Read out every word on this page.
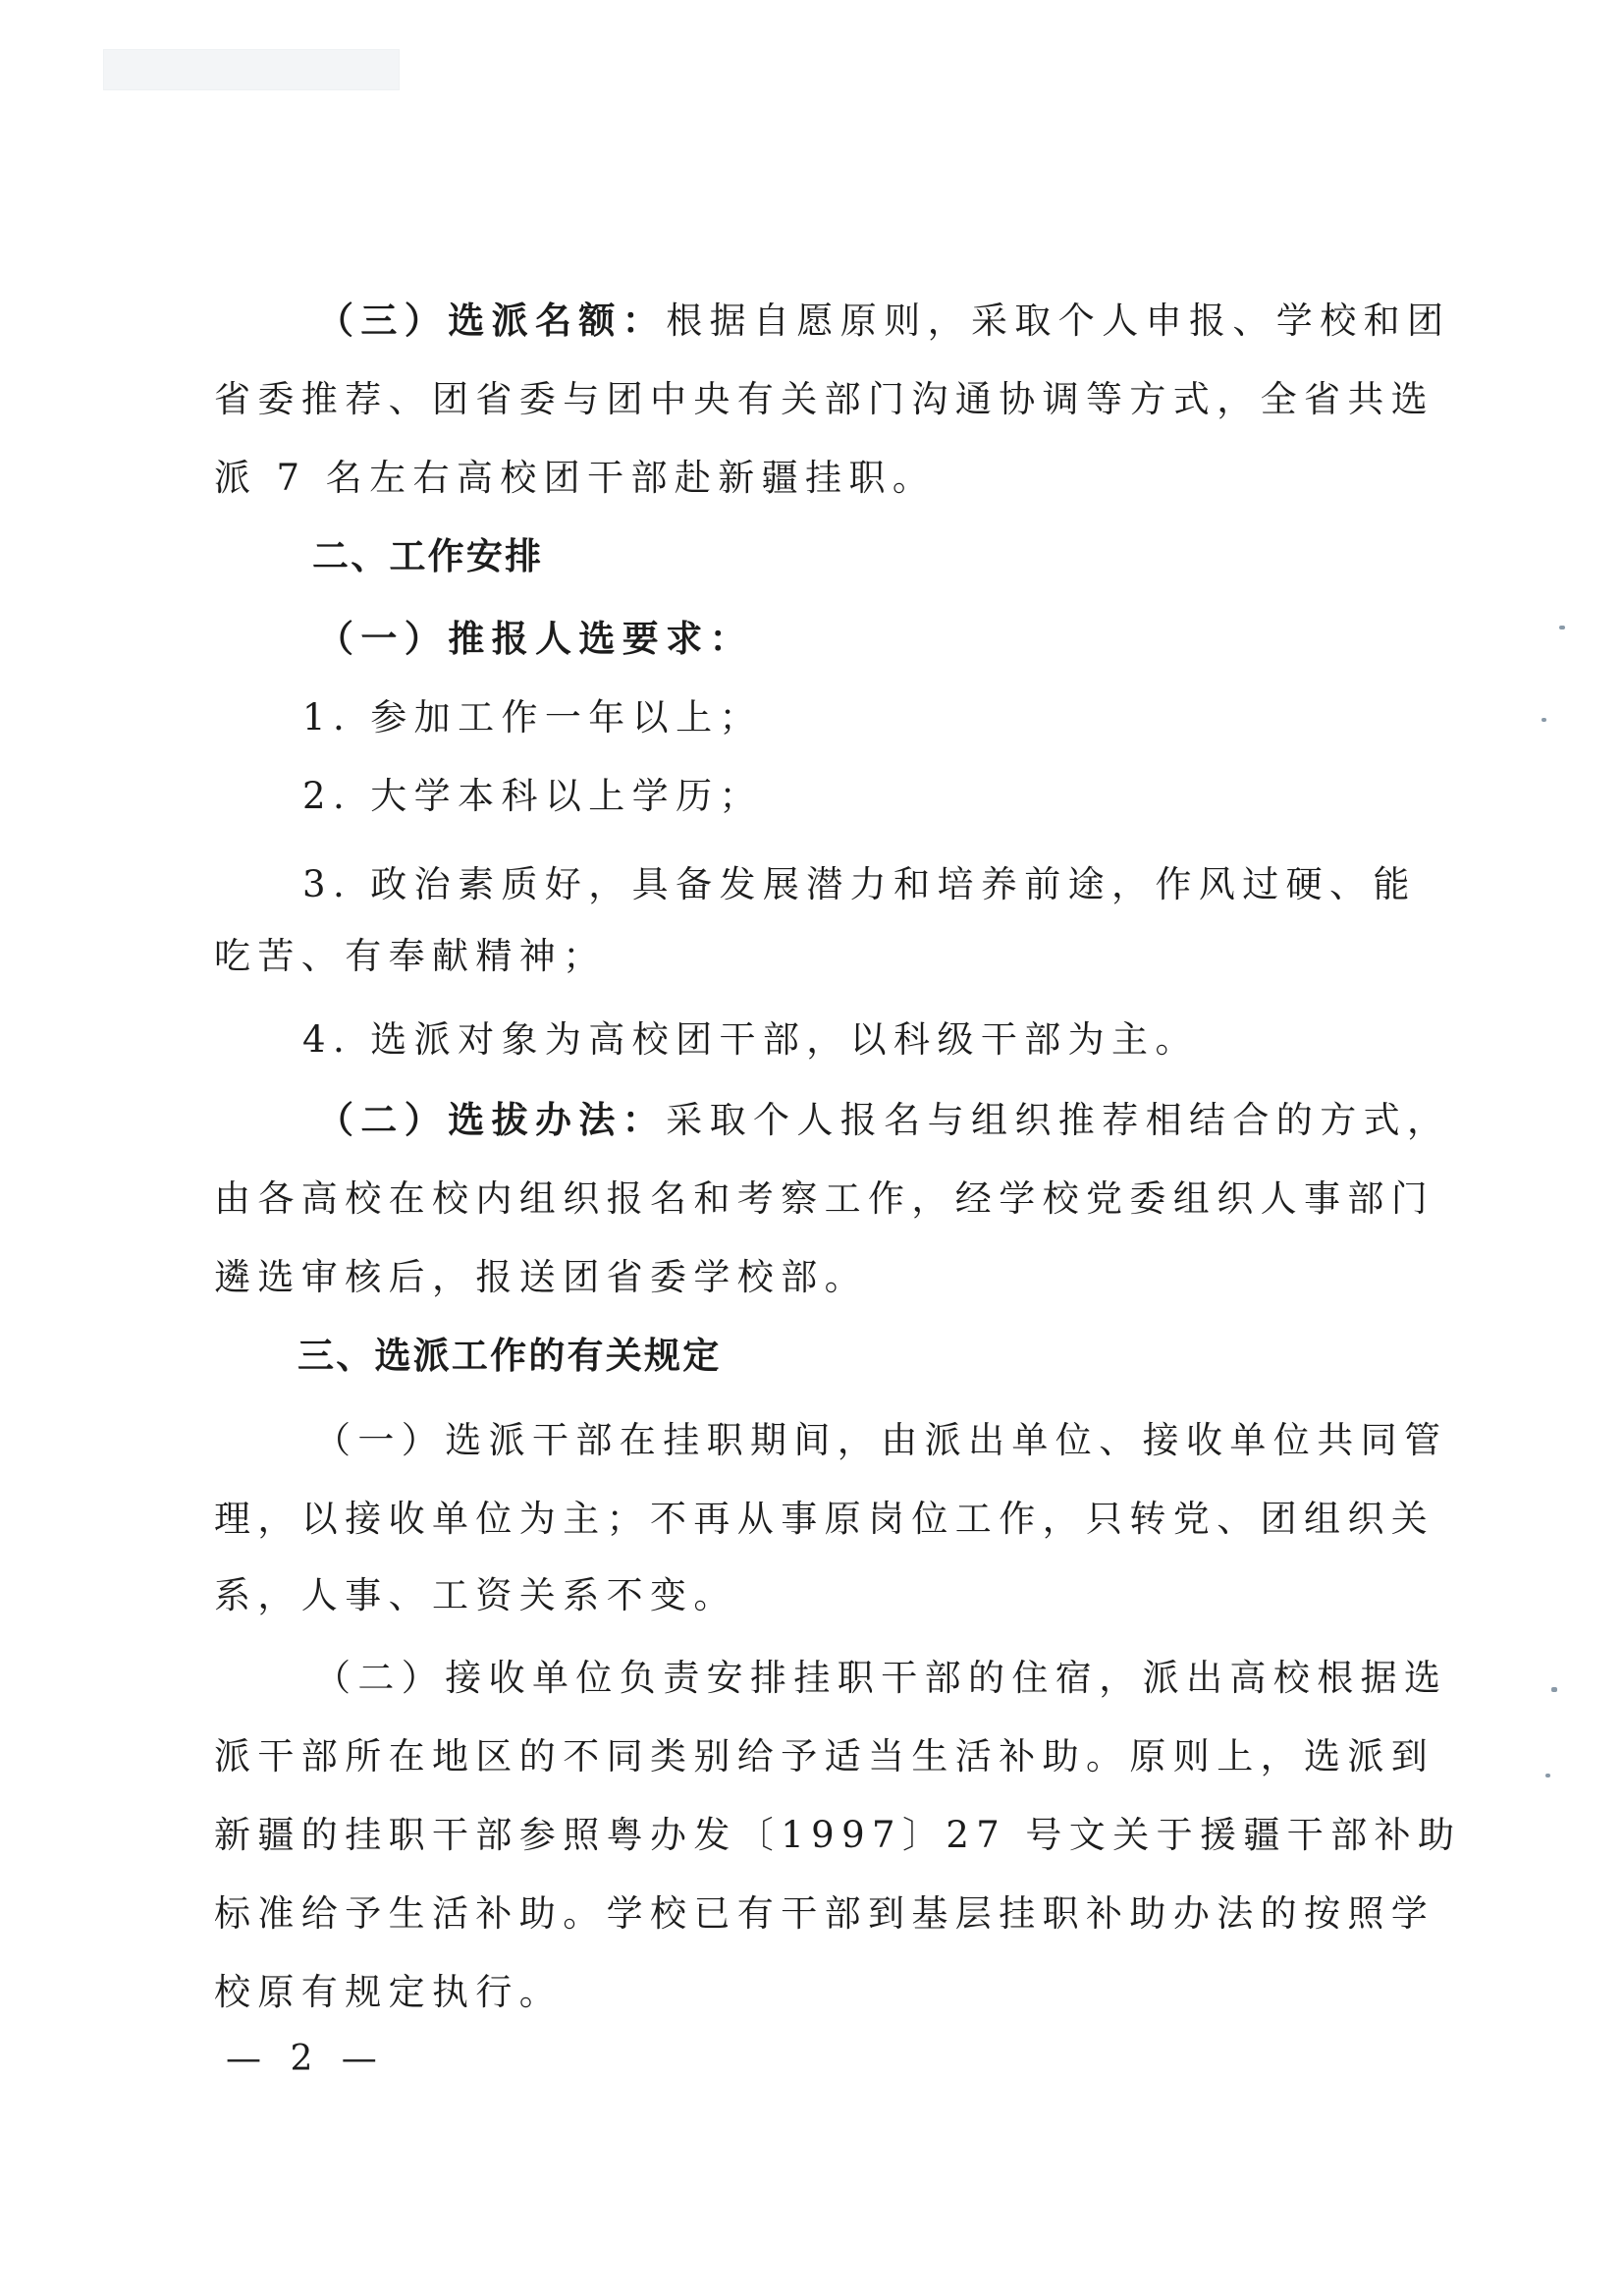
（三）选派名额：根据自愿原则，采取个人申报、学校和团
省委推荐、团省委与团中央有关部门沟通协调等方式，全省共选
派 7 名左右高校团干部赴新疆挂职。
二、工作安排
（一）推报人选要求：
1. 参加工作一年以上；
2. 大学本科以上学历；
3. 政治素质好，具备发展潜力和培养前途，作风过硬、能
吃苦、有奉献精神；
4. 选派对象为高校团干部，以科级干部为主。
（二）选拔办法：采取个人报名与组织推荐相结合的方式，
由各高校在校内组织报名和考察工作，经学校党委组织人事部门
遴选审核后，报送团省委学校部。
三、选派工作的有关规定
（一）选派干部在挂职期间，由派出单位、接收单位共同管
理，以接收单位为主；不再从事原岗位工作，只转党、团组织关
系，人事、工资关系不变。
（二）接收单位负责安排挂职干部的住宿，派出高校根据选
派干部所在地区的不同类别给予适当生活补助。原则上，选派到
新疆的挂职干部参照粤办发〔1997〕27 号文关于援疆干部补助
标准给予生活补助。学校已有干部到基层挂职补助办法的按照学
校原有规定执行。
— 2 —
